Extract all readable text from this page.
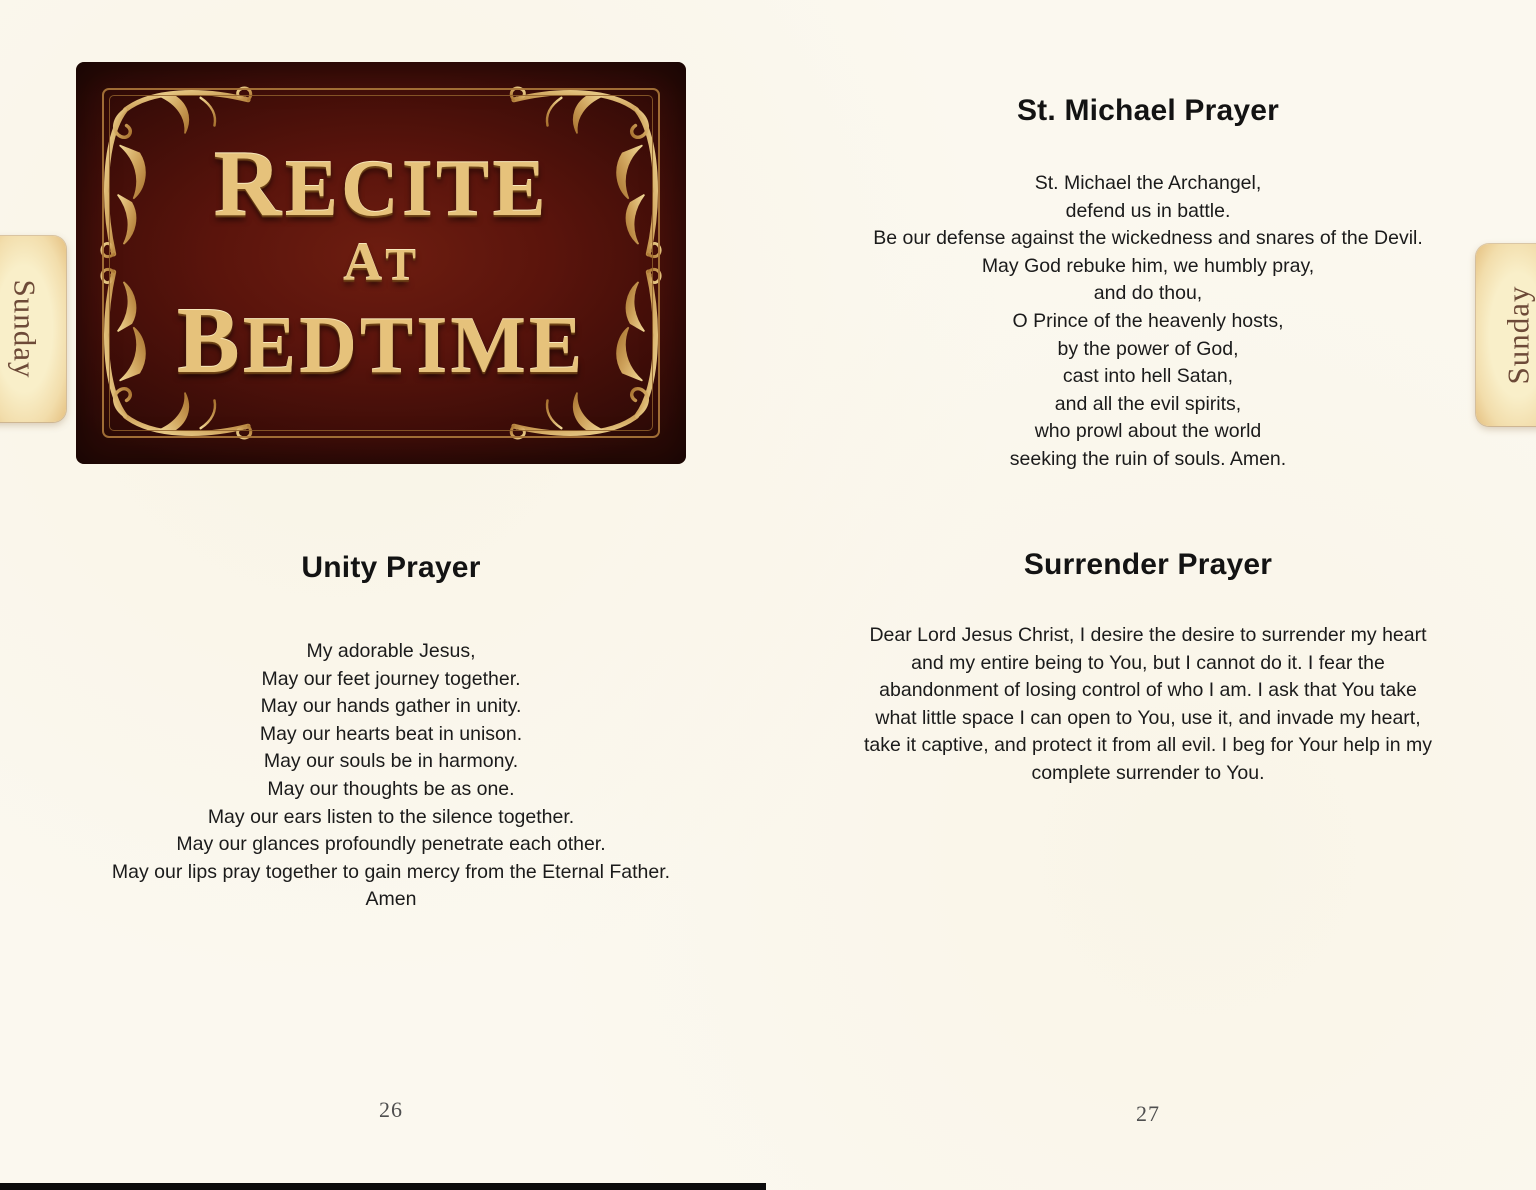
Sunday
RECITE
AT
BEDTIME
Unity Prayer
My adorable Jesus,
May our feet journey together.
May our hands gather in unity.
May our hearts beat in unison.
May our souls be in harmony.
May our thoughts be as one.
May our ears listen to the silence together.
May our glances profoundly penetrate each other.
May our lips pray together to gain mercy from the Eternal Father.
Amen
26
St. Michael Prayer
St. Michael the Archangel,
defend us in battle.
Be our defense against the wickedness and snares of the Devil.
May God rebuke him, we humbly pray,
and do thou,
O Prince of the heavenly hosts,
by the power of God,
cast into hell Satan,
and all the evil spirits,
who prowl about the world
seeking the ruin of souls. Amen.
Surrender Prayer
Dear Lord Jesus Christ, I desire the desire to surrender my heart
and my entire being to You, but I cannot do it. I fear the
abandonment of losing control of who I am. I ask that You take
what little space I can open to You, use it, and invade my heart,
take it captive, and protect it from all evil. I beg for Your help in my
complete surrender to You.
27
Sunday
